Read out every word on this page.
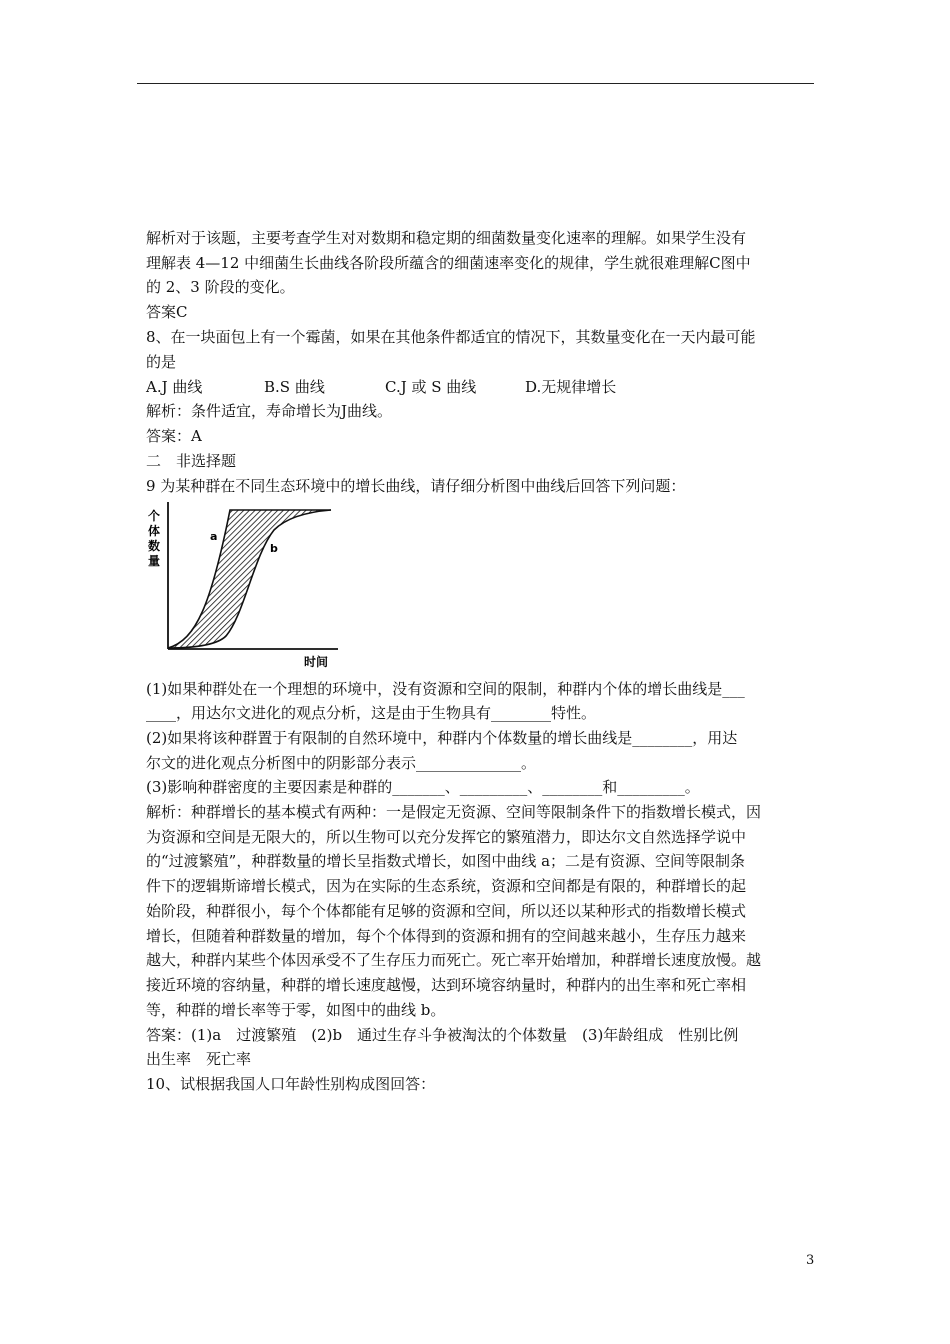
解析对于该题，主要考查学生对对数期和稳定期的细菌数量变化速率的理解。如果学生没有
理解表 4—12 中细菌生长曲线各阶段所蕴含的细菌速率变化的规律，学生就很难理解C图中
的 2、3 阶段的变化。
答案C
8、在一块面包上有一个霉菌，如果在其他条件都适宜的情况下，其数量变化在一天内最可能
的是
A.J 曲线	B.S 曲线	C.J 或 S 曲线	D.无规律增长
解析：条件适宜，寿命增长为J曲线。
答案：A
二　非选择题
9 为某种群在不同生态环境中的增长曲线，请仔细分析图中曲线后回答下列问题：
个
体
数
量
a
b
时间
(1)如果种群处在一个理想的环境中，没有资源和空间的限制，种群内个体的增长曲线是___
____，用达尔文进化的观点分析，这是由于生物具有________特性。
(2)如果将该种群置于有限制的自然环境中，种群内个体数量的增长曲线是________，用达
尔文的进化观点分析图中的阴影部分表示______________。
(3)影响种群密度的主要因素是种群的_______、_________、________和_________。
解析：种群增长的基本模式有两种：一是假定无资源、空间等限制条件下的指数增长模式，因
为资源和空间是无限大的，所以生物可以充分发挥它的繁殖潜力，即达尔文自然选择学说中
的“过渡繁殖”，种群数量的增长呈指数式增长，如图中曲线 a；二是有资源、空间等限制条
件下的逻辑斯谛增长模式，因为在实际的生态系统，资源和空间都是有限的，种群增长的起
始阶段，种群很小，每个个体都能有足够的资源和空间，所以还以某种形式的指数增长模式
增长，但随着种群数量的增加，每个个体得到的资源和拥有的空间越来越小，生存压力越来
越大，种群内某些个体因承受不了生存压力而死亡。死亡率开始增加，种群增长速度放慢。越
接近环境的容纳量，种群的增长速度越慢，达到环境容纳量时，种群内的出生率和死亡率相
等，种群的增长率等于零，如图中的曲线 b。
答案：(1)a　过渡繁殖　(2)b　通过生存斗争被淘汰的个体数量　(3)年龄组成　性别比例
出生率　死亡率
10、试根据我国人口年龄性别构成图回答：
3
